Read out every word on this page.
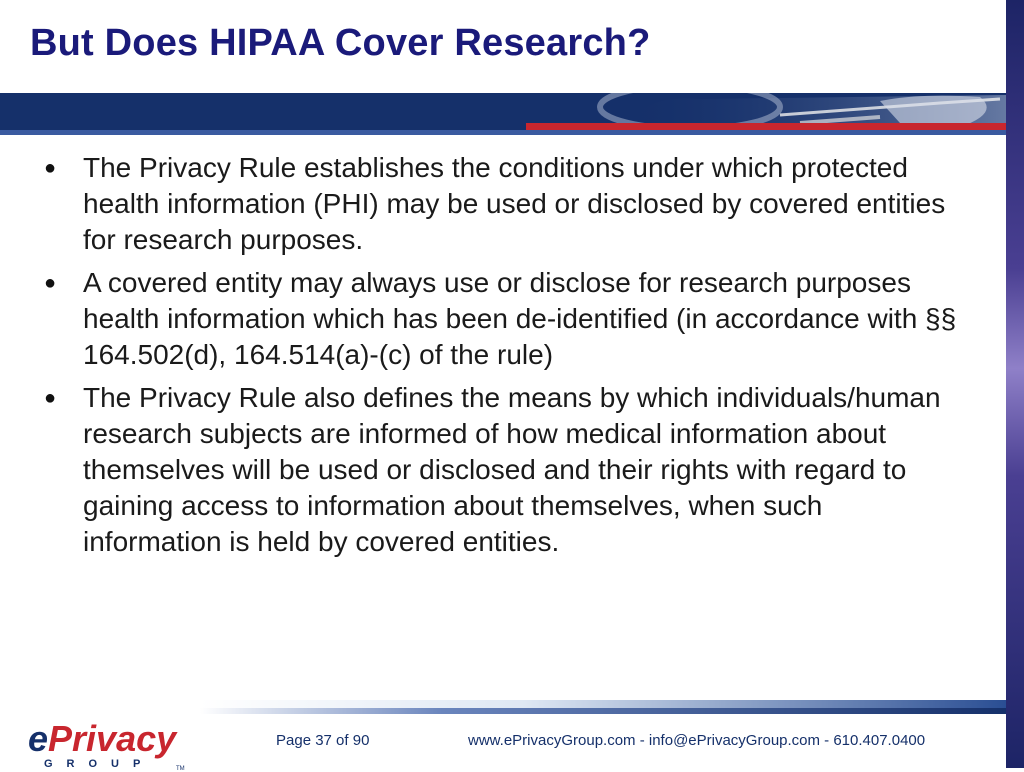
But Does HIPAA Cover Research?
● The Privacy Rule establishes the conditions under which protected health information (PHI) may be used or disclosed by covered entities for research purposes.
● A covered entity may always use or disclose for research purposes health information which has been de-identified (in accordance with §§ 164.502(d), 164.514(a)-(c) of the rule)
● The Privacy Rule also defines the means by which individuals/human research subjects are informed of how medical information about themselves will be used or disclosed and their rights with regard to gaining access to information about themselves, when such information is held by covered entities.
ePrivacy
GROUP	TM
Page 37 of 90	www.ePrivacyGroup.com - info@ePrivacyGroup.com - 610.407.0400
